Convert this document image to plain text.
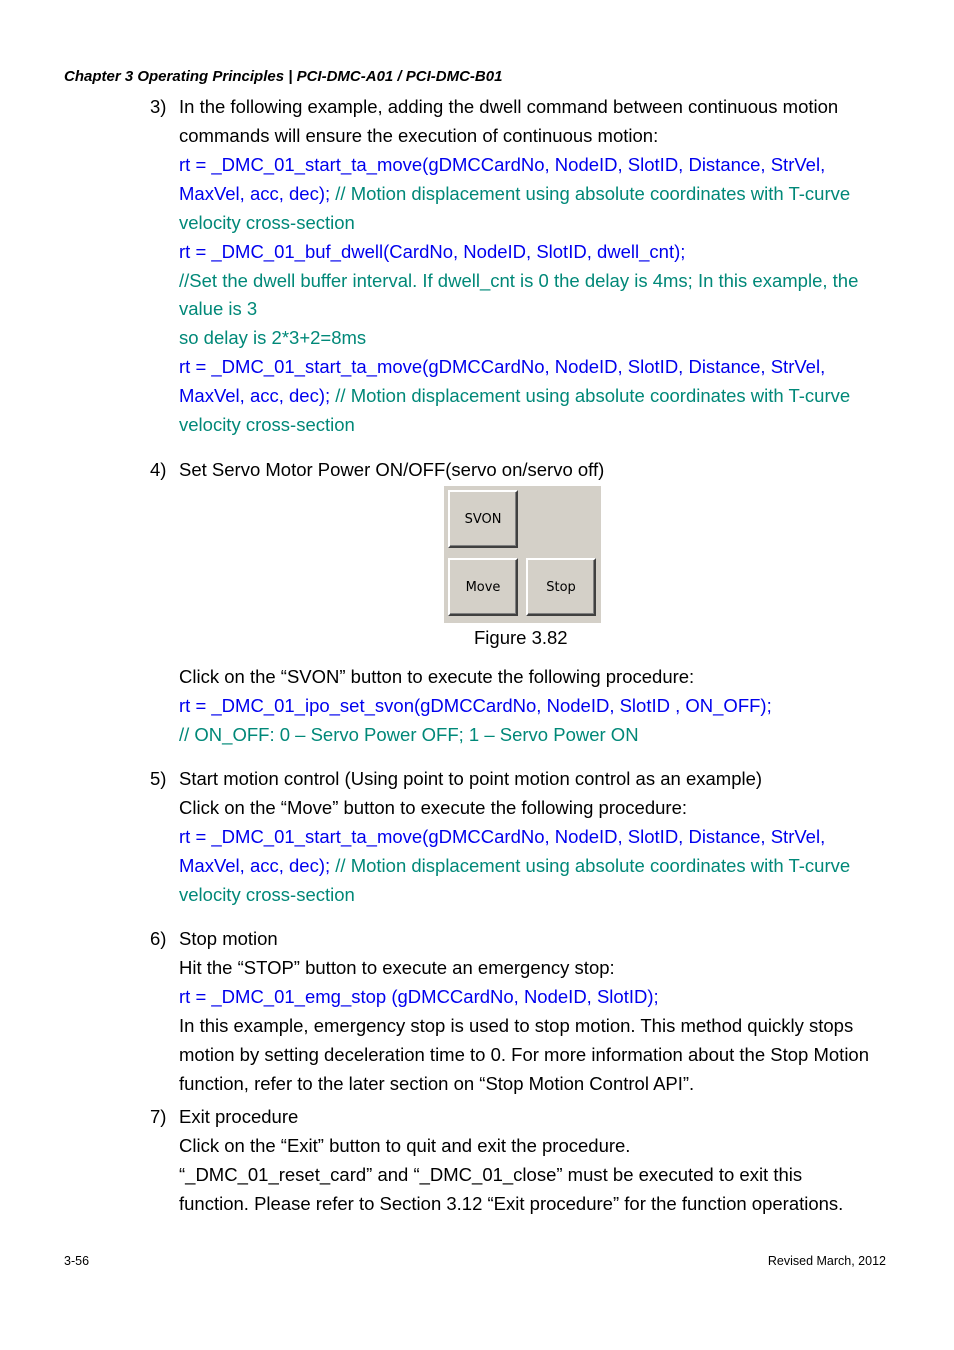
Chapter 3 Operating Principles | PCI-DMC-A01 / PCI-DMC-B01
3) In the following example, adding the dwell command between continuous motion
commands will ensure the execution of continuous motion:
rt = _DMC_01_start_ta_move(gDMCCardNo, NodeID, SlotID, Distance, StrVel,
MaxVel, acc, dec); // Motion displacement using absolute coordinates with T-curve
velocity cross-section
rt = _DMC_01_buf_dwell(CardNo, NodeID, SlotID, dwell_cnt);
//Set the dwell buffer interval. If dwell_cnt is 0 the delay is 4ms; In this example, the
value is 3
so delay is 2*3+2=8ms
rt = _DMC_01_start_ta_move(gDMCCardNo, NodeID, SlotID, Distance, StrVel,
MaxVel, acc, dec); // Motion displacement using absolute coordinates with T-curve
velocity cross-section
4) Set Servo Motor Power ON/OFF(servo on/servo off)
Click on the “SVON” button to execute the following procedure:
rt = _DMC_01_ipo_set_svon(gDMCCardNo, NodeID, SlotID , ON_OFF);
// ON_OFF: 0 – Servo Power OFF; 1 – Servo Power ON
5) Start motion control (Using point to point motion control as an example)
Click on the “Move” button to execute the following procedure:
rt = _DMC_01_start_ta_move(gDMCCardNo, NodeID, SlotID, Distance, StrVel,
MaxVel, acc, dec); // Motion displacement using absolute coordinates with T-curve
velocity cross-section
6) Stop motion
Hit the “STOP” button to execute an emergency stop:
rt = _DMC_01_emg_stop (gDMCCardNo, NodeID, SlotID);
In this example, emergency stop is used to stop motion. This method quickly stops
motion by setting deceleration time to 0. For more information about the Stop Motion
function, refer to the later section on “Stop Motion Control API”.
7) Exit procedure
Click on the “Exit” button to quit and exit the procedure.
“_DMC_01_reset_card” and “_DMC_01_close” must be executed to exit this
function. Please refer to Section 3.12 “Exit procedure” for the function operations.
SVON
Move	Stop
Figure 3.82
3-56	Revised March, 2012
